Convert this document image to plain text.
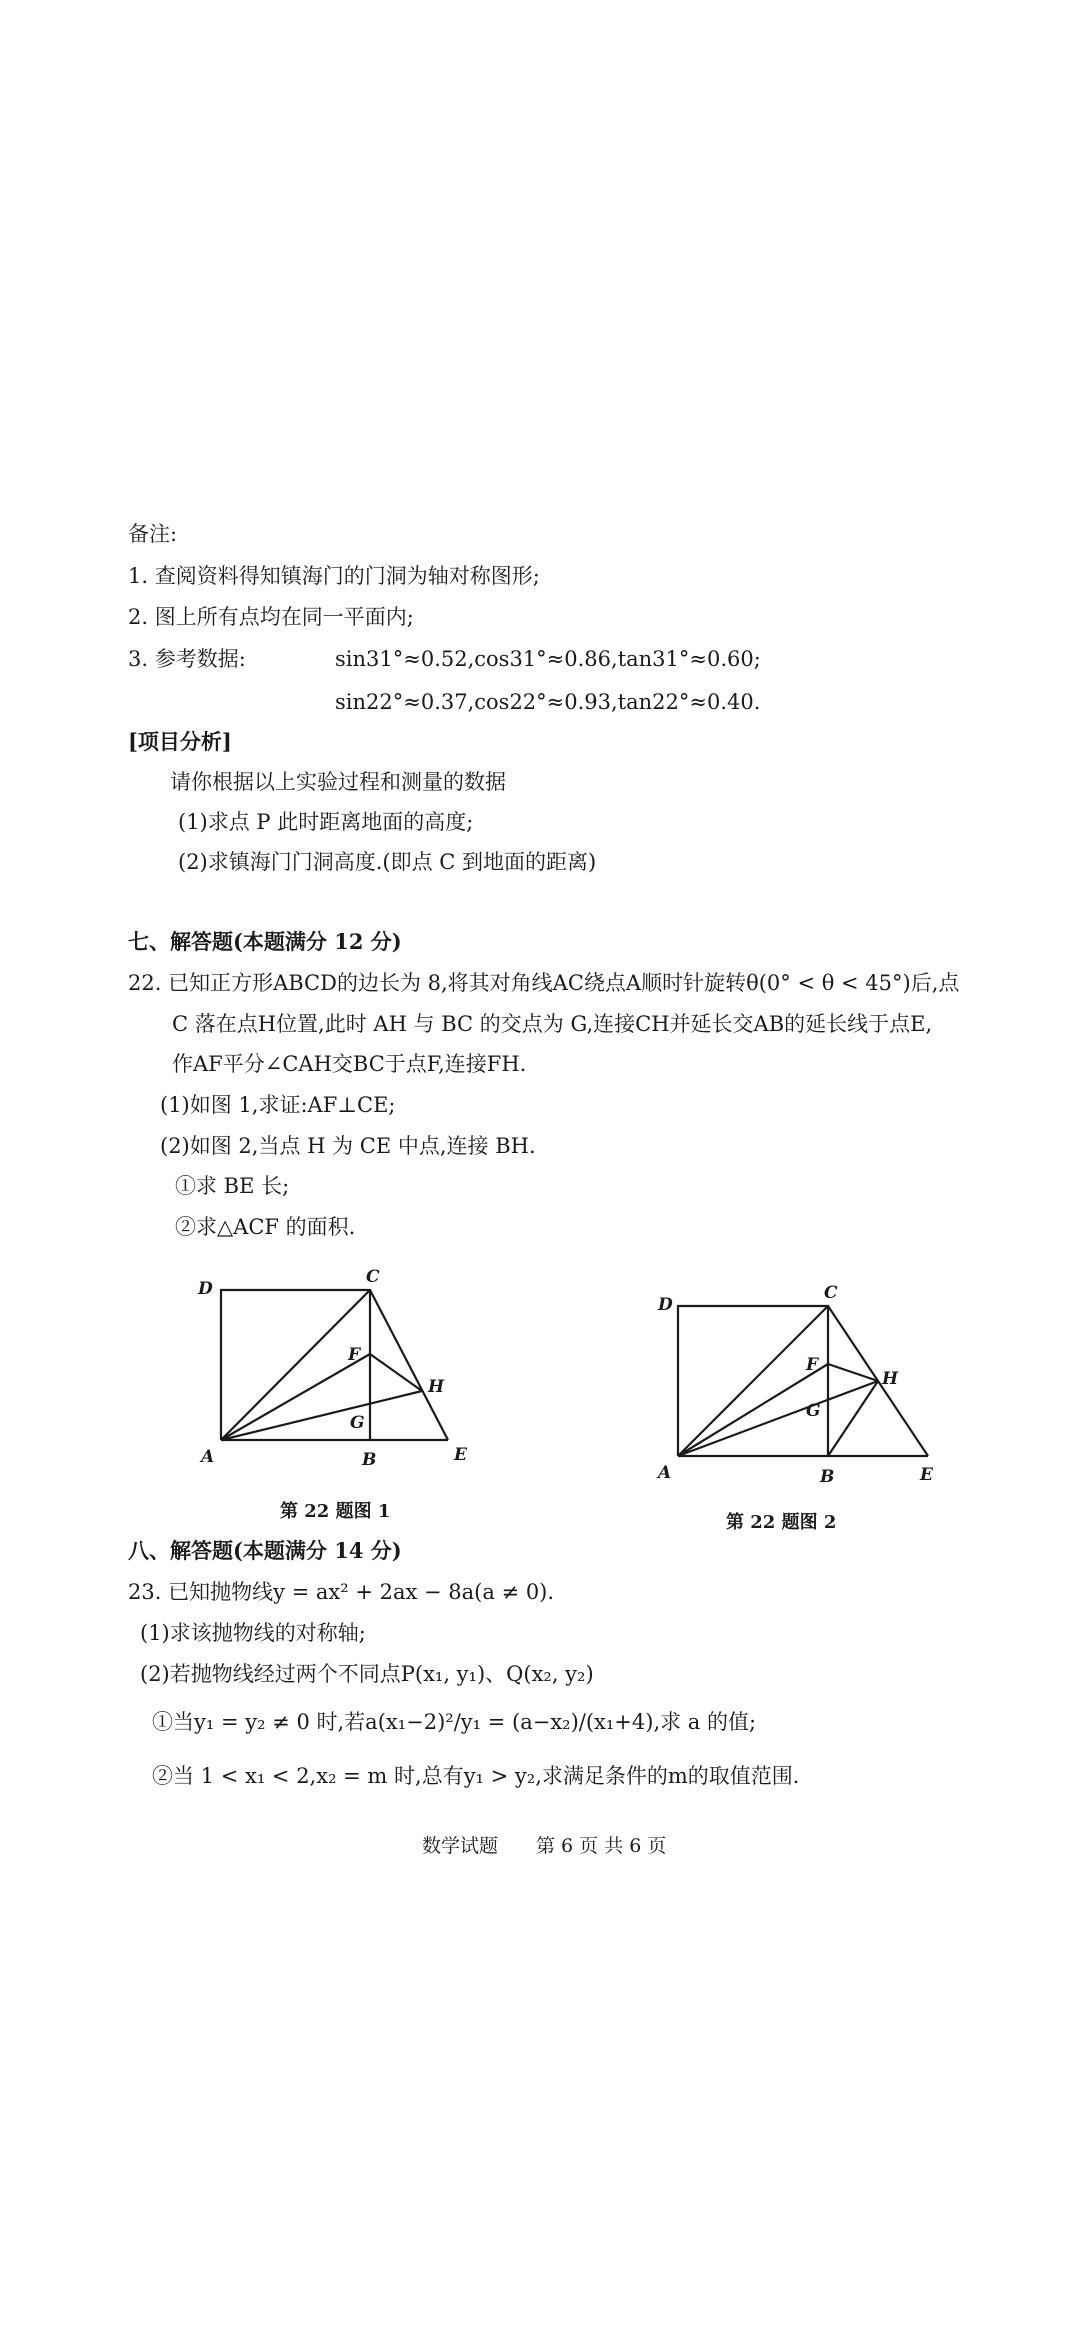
备注:
1. 查阅资料得知镇海门的门洞为轴对称图形;
2. 图上所有点均在同一平面内;
3. 参考数据:	sin31°≈0.52,cos31°≈0.86,tan31°≈0.60;
sin22°≈0.37,cos22°≈0.93,tan22°≈0.40.
[项目分析]
请你根据以上实验过程和测量的数据
(1)求点 P 此时距离地面的高度;
(2)求镇海门门洞高度.(即点 C 到地面的距离)
七、解答题(本题满分 12 分)
22. 已知正方形ABCD的边长为 8,将其对角线AC绕点A顺时针旋转θ(0° < θ < 45°)后,点
C 落在点H位置,此时 AH 与 BC 的交点为 G,连接CH并延长交AB的延长线于点E,
作AF平分∠CAH交BC于点F,连接FH.
(1)如图 1,求证:AF⊥CE;
(2)如图 2,当点 H 为 CE 中点,连接 BH.
①求 BE 长;
②求△ACF 的面积.
D
C
F
H
G
A	B	E
第 22 题图 1
D
C
F
H
G
A	B	E
第 22 题图 2
八、解答题(本题满分 14 分)
23. 已知抛物线y = ax² + 2ax − 8a(a ≠ 0).
(1)求该抛物线的对称轴;
(2)若抛物线经过两个不同点P(x₁, y₁)、Q(x₂, y₂)
①当y₁ = y₂ ≠ 0 时,若a(x₁−2)²/y₁ = (a−x₂)/(x₁+4),求 a 的值;
②当 1 < x₁ < 2,x₂ = m 时,总有y₁ > y₂,求满足条件的m的取值范围.
数学试题 第 6 页 共 6 页
